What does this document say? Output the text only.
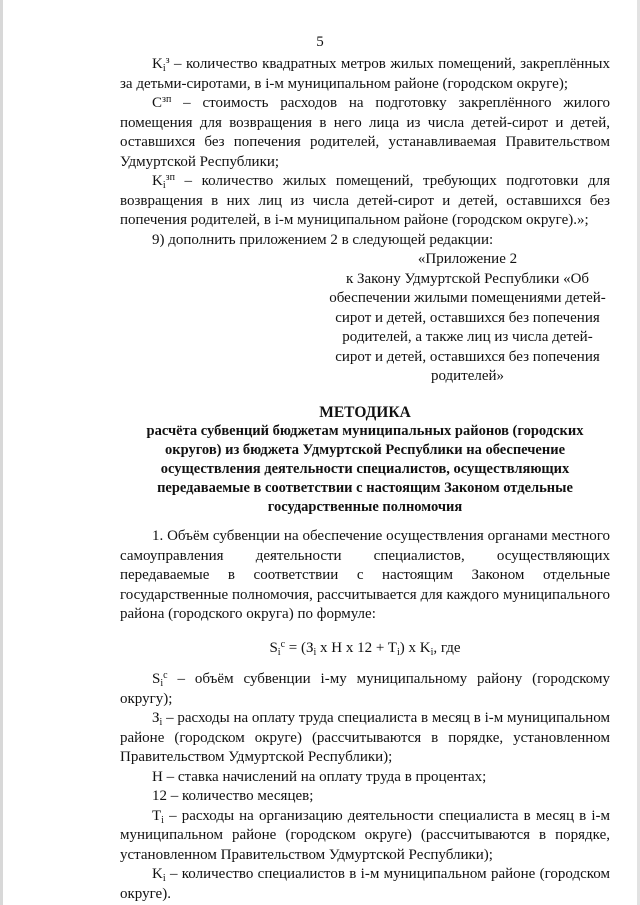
5

$K_i^з$ – количество квадратных метров жилых помещений, закреплённых за детьми-сиротами, в i-м муниципальном районе (городском округе);

$C^{зп}$ – стоимость расходов на подготовку закреплённого жилого помещения для возвращения в него лица из числа детей-сирот и детей, оставшихся без попечения родителей, устанавливаемая Правительством Удмуртской Республики;

$K_i^{зп}$ – количество жилых помещений, требующих подготовки для возвращения в них лиц из числа детей-сирот и детей, оставшихся без попечения родителей, в i-м муниципальном районе (городском округе).»;

9) дополнить приложением 2 в следующей редакции:

«Приложение 2
к Закону Удмуртской Республики «Об обеспечении жилыми помещениями детей-сирот и детей, оставшихся без попечения родителей, а также лиц из числа детей-сирот и детей, оставшихся без попечения родителей»
МЕТОДИКА
расчёта субвенций бюджетам муниципальных районов (городских округов) из бюджета Удмуртской Республики на обеспечение осуществления деятельности специалистов, осуществляющих передаваемые в соответствии с настоящим Законом отдельные государственные полномочия

1. Объём субвенции на обеспечение осуществления органами местного самоуправления деятельности специалистов, осуществляющих передаваемые в соответствии с настоящим Законом отдельные государственные полномочия, рассчитывается для каждого муниципального района (городского округа) по формуле:

$S_i^с = (З_i$ x H x $12 + T_i$) x $K_i$, где

$S_i^с$ – объём субвенции i-му муниципальному району (городскому округу);

$З_i$ – расходы на оплату труда специалиста в месяц в i-м муниципальном районе (городском округе) (рассчитываются в порядке, установленном Правительством Удмуртской Республики);

H – ставка начислений на оплату труда в процентах;

12 – количество месяцев;

$T_i$ – расходы на организацию деятельности специалиста в месяц в i-м муниципальном районе (городском округе) (рассчитываются в порядке, установленном Правительством Удмуртской Республики);

$K_i$ – количество специалистов в i-м муниципальном районе (городском округе).
